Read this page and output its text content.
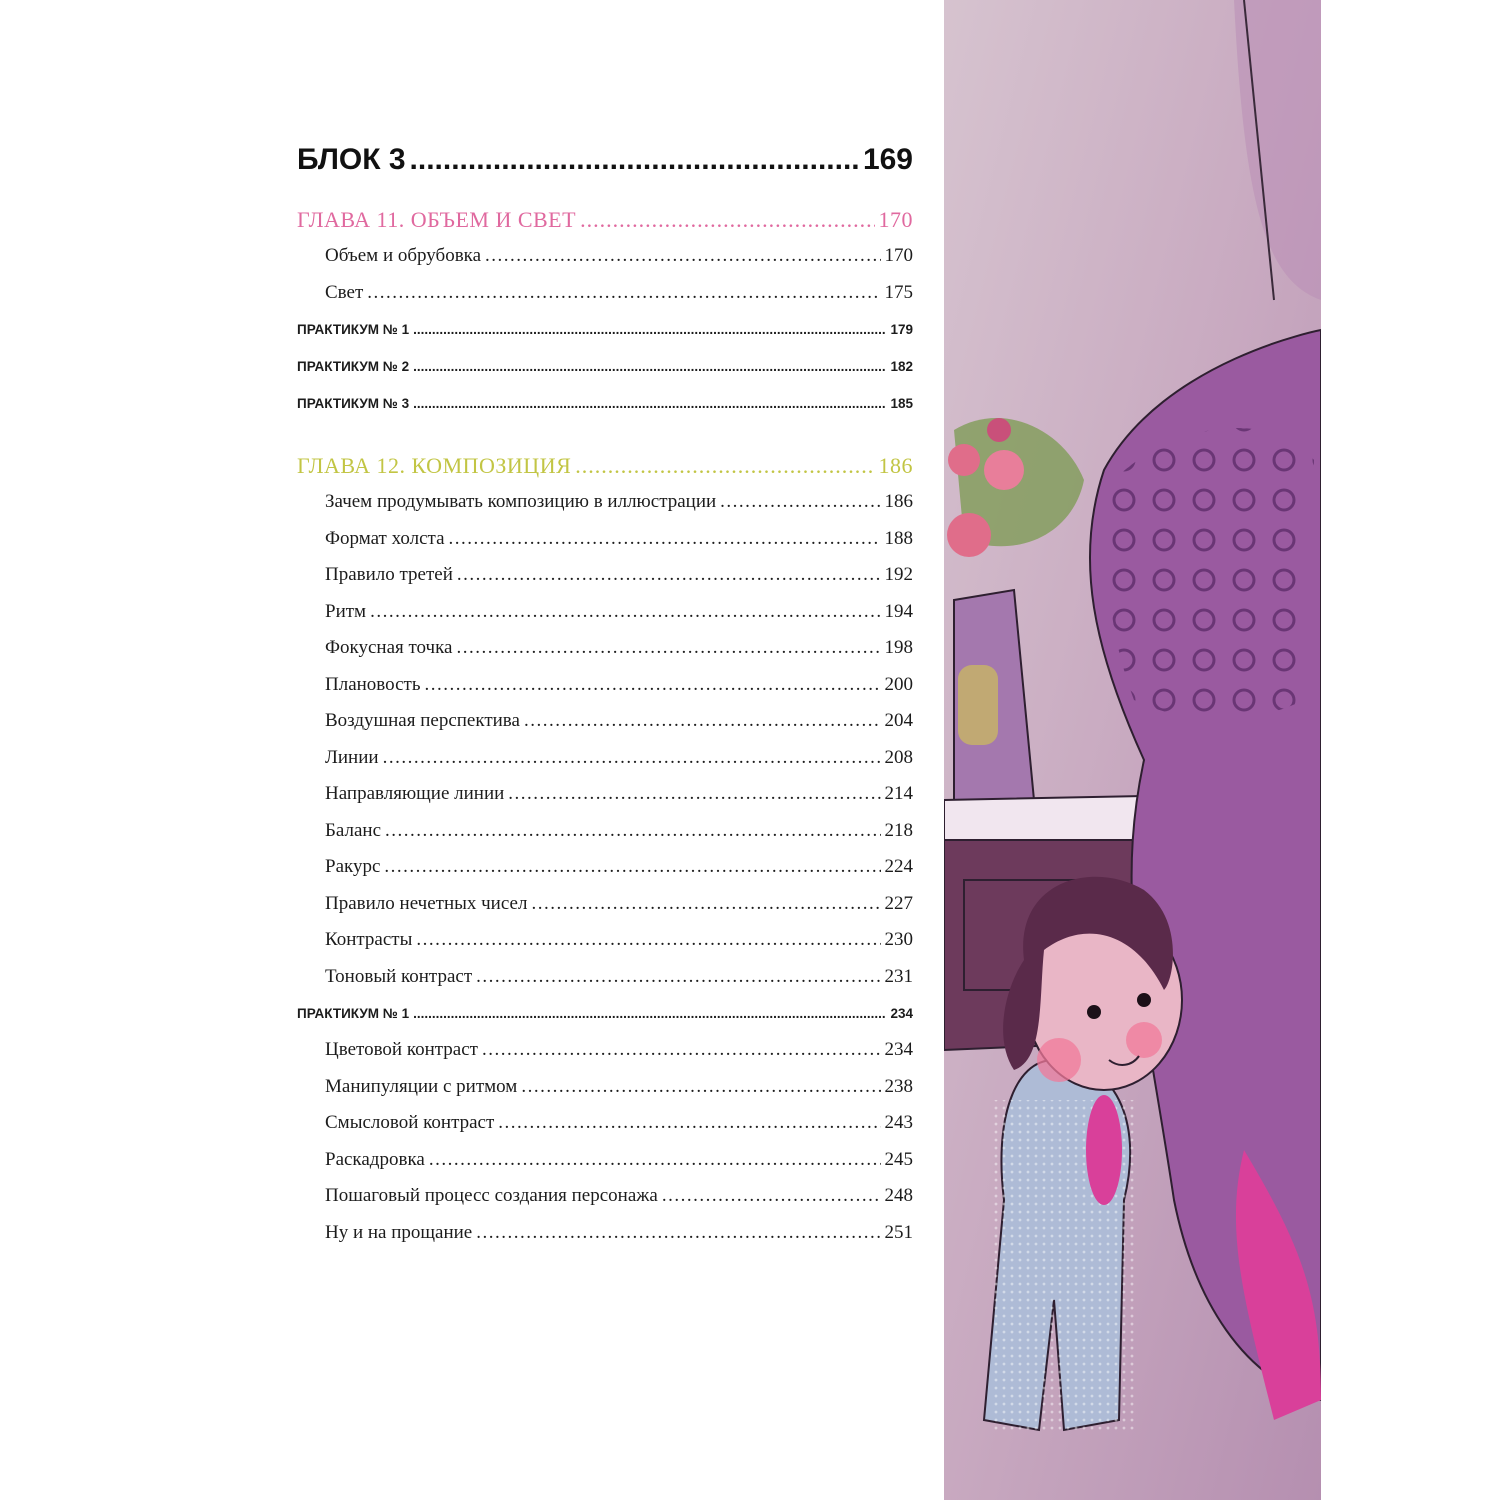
БЛОК 3 .....	169
ГЛАВА 11. ОБЪЕМ И СВЕТ .....	170
Объем и обрубовка .....	170
Свет .....	175
ПРАКТИКУМ № 1 .....	179
ПРАКТИКУМ № 2 .....	182
ПРАКТИКУМ № 3 .....	185
ГЛАВА 12. КОМПОЗИЦИЯ .....	186
Зачем продумывать композицию в иллюстрации .....	186
Формат холста .....	188
Правило третей .....	192
Ритм .....	194
Фокусная точка .....	198
Плановость .....	200
Воздушная перспектива .....	204
Линии .....	208
Направляющие линии .....	214
Баланс .....	218
Ракурс .....	224
Правило нечетных чисел .....	227
Контрасты .....	230
Тоновый контраст .....	231
ПРАКТИКУМ № 1 .....	234
Цветовой контраст .....	234
Манипуляции с ритмом .....	238
Смысловой контраст .....	243
Раскадровка .....	245
Пошаговый процесс создания персонажа .....	248
Ну и на прощание .....	251
